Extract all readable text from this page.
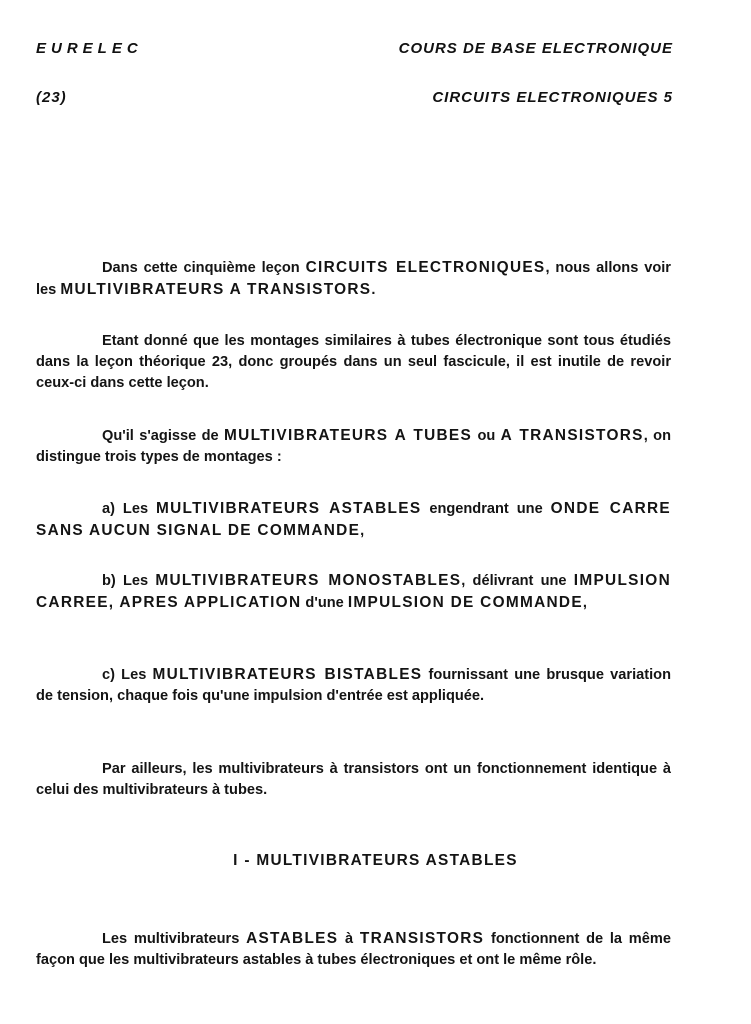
EURELEC	COURS DE BASE ELECTRONIQUE
(23)	CIRCUITS ELECTRONIQUES 5

Dans cette cinquième leçon CIRCUITS ELECTRONIQUES, nous allons voir les MULTIVIBRATEURS A TRANSISTORS.

Etant donné que les montages similaires à tubes électronique sont tous étudiés dans la leçon théorique 23, donc groupés dans un seul fascicule, il est inutile de revoir ceux-ci dans cette leçon.

Qu'il s'agisse de MULTIVIBRATEURS A TUBES ou A TRANSISTORS, on distingue trois types de montages :

a) Les MULTIVIBRATEURS ASTABLES engendrant une ONDE CARRE SANS AUCUN SIGNAL DE COMMANDE,

b) Les MULTIVIBRATEURS MONOSTABLES, délivrant une IMPULSION CARREE, APRES APPLICATION d'une IMPULSION DE COMMANDE,

c) Les MULTIVIBRATEURS BISTABLES fournissant une brusque variation de tension, chaque fois qu'une impulsion d'entrée est appliquée.

Par ailleurs, les multivibrateurs à transistors ont un fonctionnement identique à celui des multivibrateurs à tubes.

I - MULTIVIBRATEURS ASTABLES

Les multivibrateurs ASTABLES à TRANSISTORS fonctionnent de la même façon que les multivibrateurs astables à tubes électroniques et ont le même rôle.
